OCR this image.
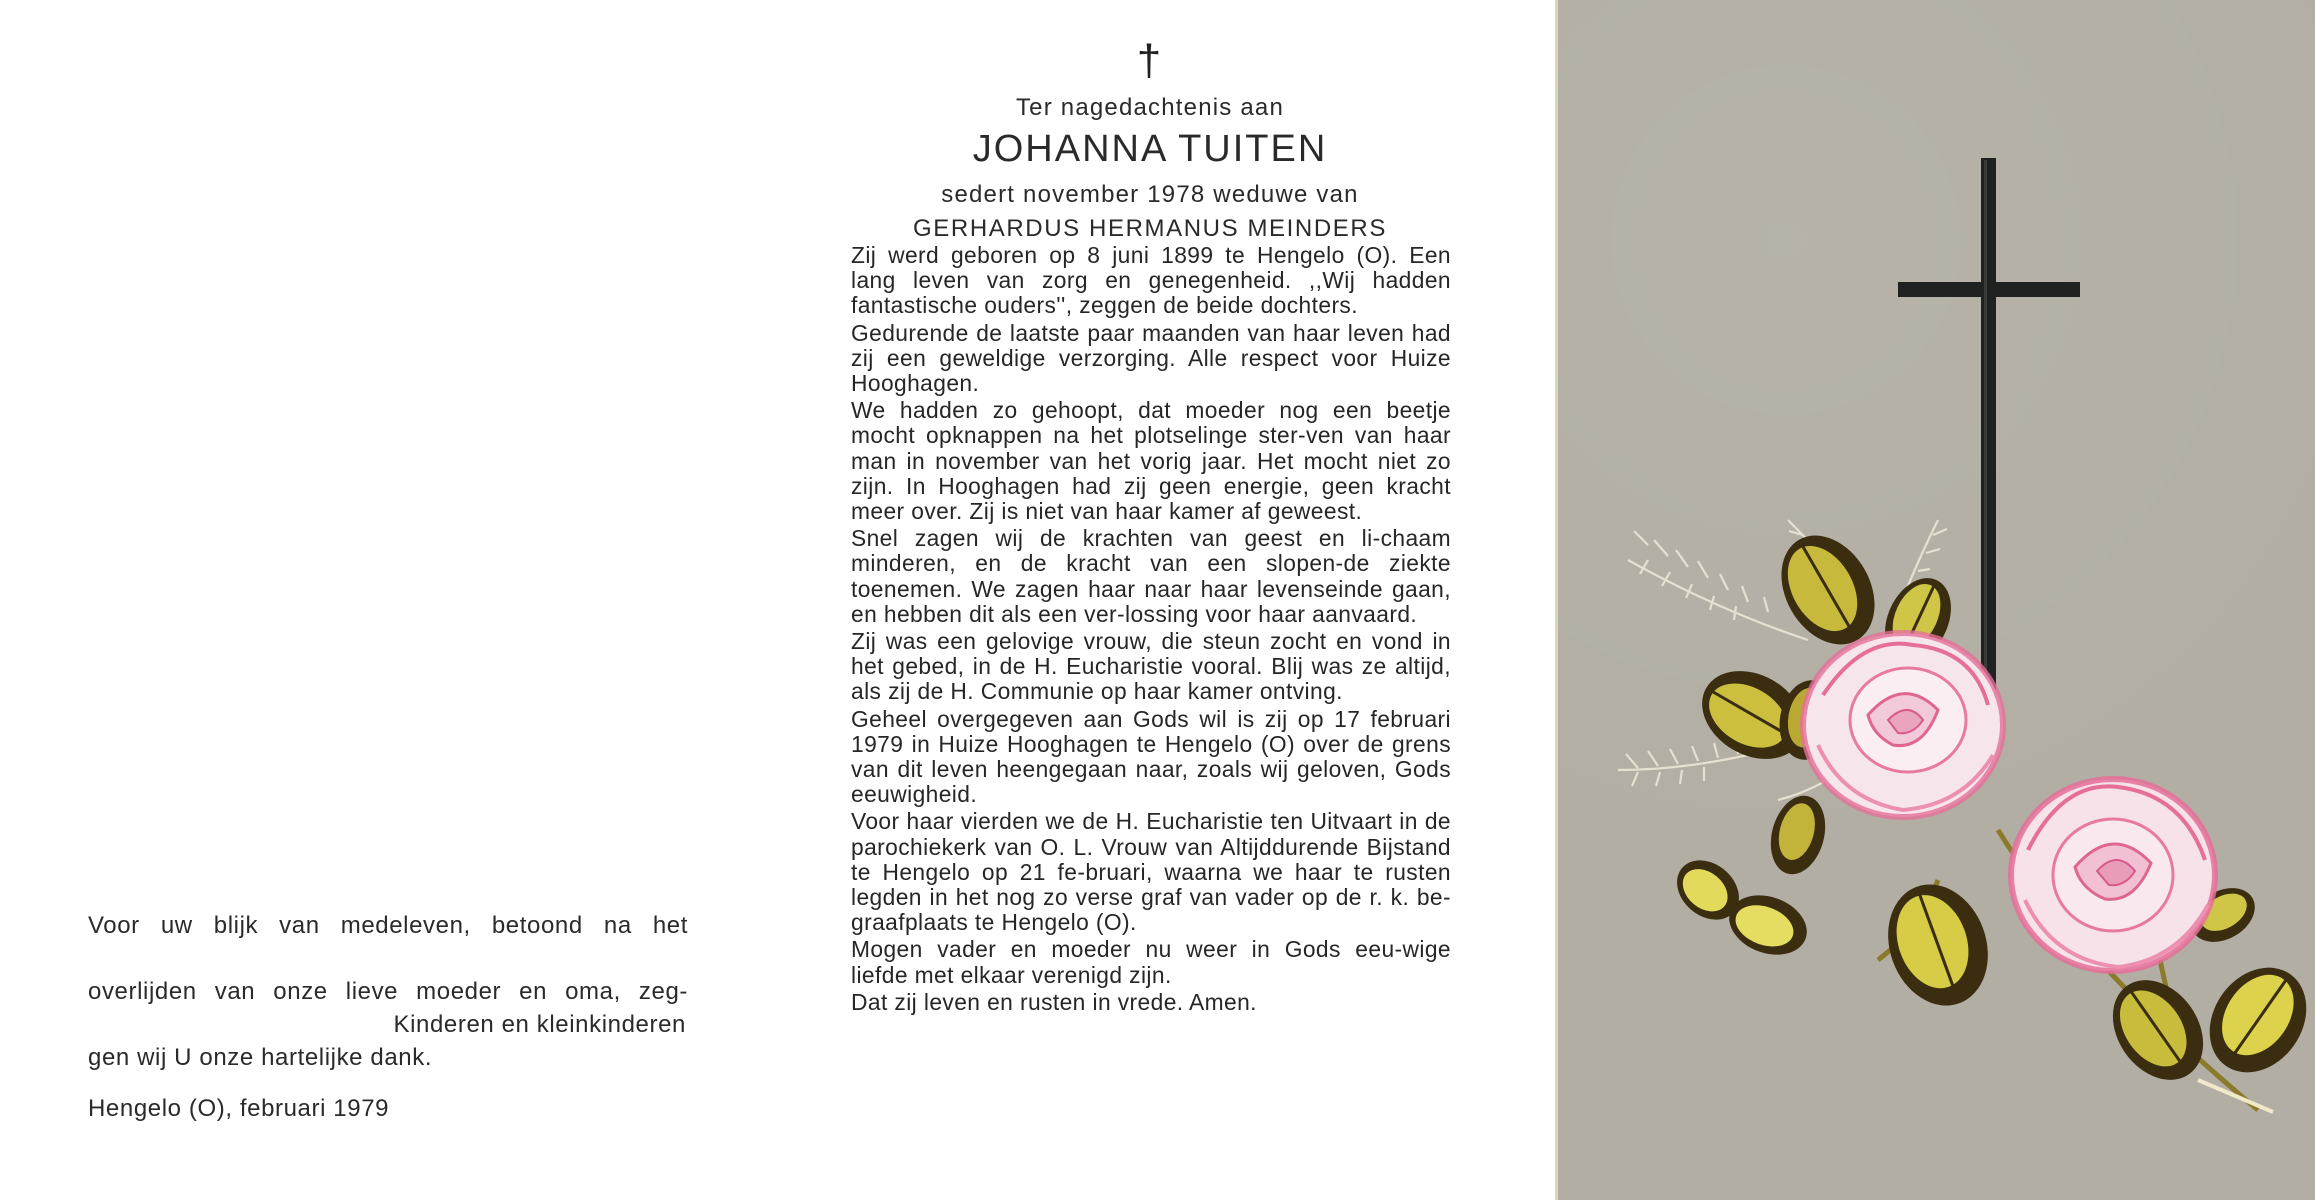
Voor uw blijk van medeleven, betoond na het

overlijden van onze lieve moeder en oma, zeg-

gen wij U onze hartelijke dank.

Kinderen en kleinkinderen
Hengelo (O), februari 1979
†
Ter nagedachtenis aan
JOHANNA TUITEN
sedert november 1978 weduwe van
GERHARDUS HERMANUS MEINDERS

Zij werd geboren op 8 juni 1899 te Hengelo (O). Een lang leven van zorg en genegenheid. ,,Wij hadden fantastische ouders'', zeggen de beide dochters.

Gedurende de laatste paar maanden van haar leven had zij een geweldige verzorging. Alle respect voor Huize Hooghagen.

We hadden zo gehoopt, dat moeder nog een beetje mocht opknappen na het plotselinge ster-ven van haar man in november van het vorig jaar. Het mocht niet zo zijn. In Hooghagen had zij geen energie, geen kracht meer over. Zij is niet van haar kamer af geweest.

Snel zagen wij de krachten van geest en li-chaam minderen, en de kracht van een slopen-de ziekte toenemen. We zagen haar naar haar levenseinde gaan, en hebben dit als een ver-lossing voor haar aanvaard.

Zij was een gelovige vrouw, die steun zocht en vond in het gebed, in de H. Eucharistie vooral. Blij was ze altijd, als zij de H. Communie op haar kamer ontving.

Geheel overgegeven aan Gods wil is zij op 17 februari 1979 in Huize Hooghagen te Hengelo (O) over de grens van dit leven heengegaan naar, zoals wij geloven, Gods eeuwigheid.

Voor haar vierden we de H. Eucharistie ten Uitvaart in de parochiekerk van O. L. Vrouw van Altijddurende Bijstand te Hengelo op 21 fe-bruari, waarna we haar te rusten legden in het nog zo verse graf van vader op de r. k. be-graafplaats te Hengelo (O).

Mogen vader en moeder nu weer in Gods eeu-wige liefde met elkaar verenigd zijn.

Dat zij leven en rusten in vrede. Amen.
